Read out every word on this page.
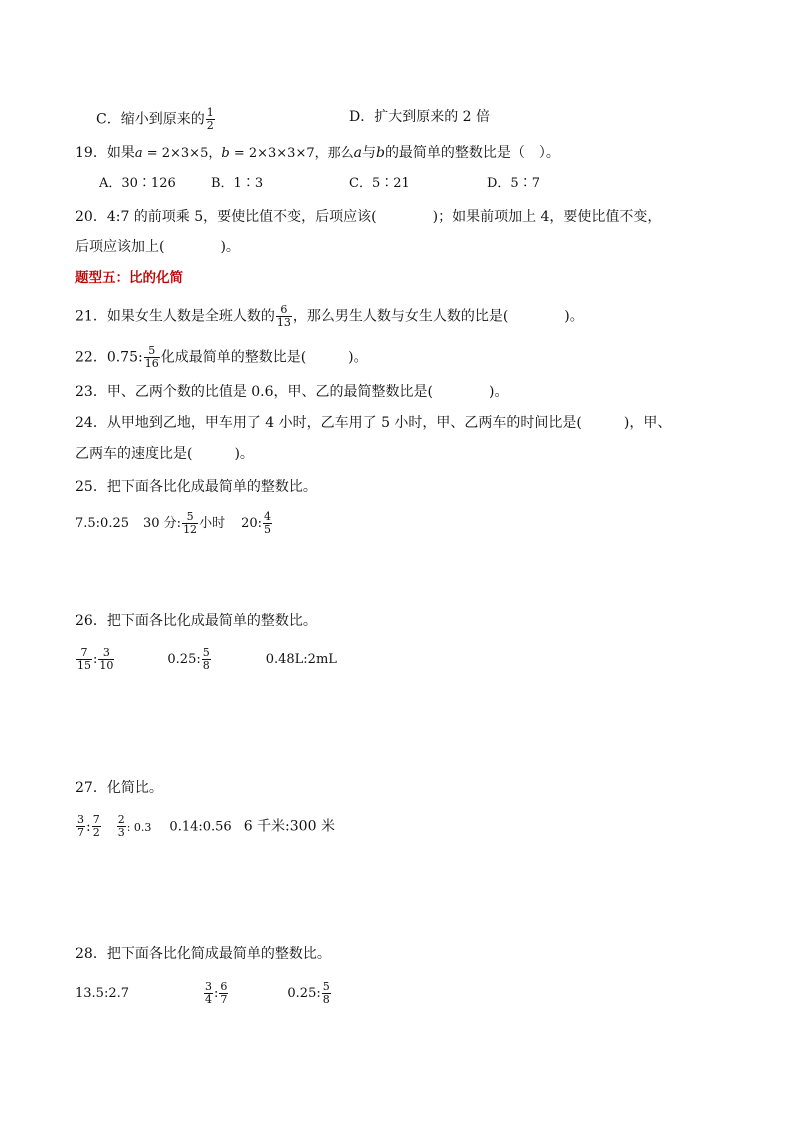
C．缩小到原来的 $\frac{1}{2}$	D．扩大到原来的 2 倍
19．如果a = 2×3×5，b = 2×3×3×7，那么a与b的最简单的整数比是（　）。
A．30∶126	B．1∶3	C．5∶21	D．5∶7
20．4:7 的前项乘 5，要使比值不变，后项应该(　　　　)；如果前项加上 4，要使比值不变，
后项应该加上(　　　　)。
题型五：比的化简
21．如果女生人数是全班人数的 $\frac{6}{13}$ ，那么男生人数与女生人数的比是(　　　　)。
22．0.75: $\frac{5}{16}$ 化成最简单的整数比是(　　　)。
23．甲、乙两个数的比值是 0.6，甲、乙的最简整数比是(　　　　)。
24．从甲地到乙地，甲车用了 4 小时，乙车用了 5 小时，甲、乙两车的时间比是(　　　)，甲、
乙两车的速度比是(　　　)。
25．把下面各比化成最简单的整数比。
7.5:0.25 30 分: $\frac{5}{12}$ 小时 20: $\frac{4}{5}$
26．把下面各比化成最简单的整数比。
$\frac{7}{15}$ : $\frac{3}{10}$	0.25: $\frac{5}{8}$	0.48L:2mL
27．化简比。
$\frac{3}{7}$ : $\frac{7}{2} \frac{2}{3}$ : 0.3 0.14:0.56 6 千米:300 米
28．把下面各比化简成最简单的整数比。
13.5:2.7	$\frac{3}{4}$ : $\frac{6}{7}$	0.25: $\frac{5}{8}$
